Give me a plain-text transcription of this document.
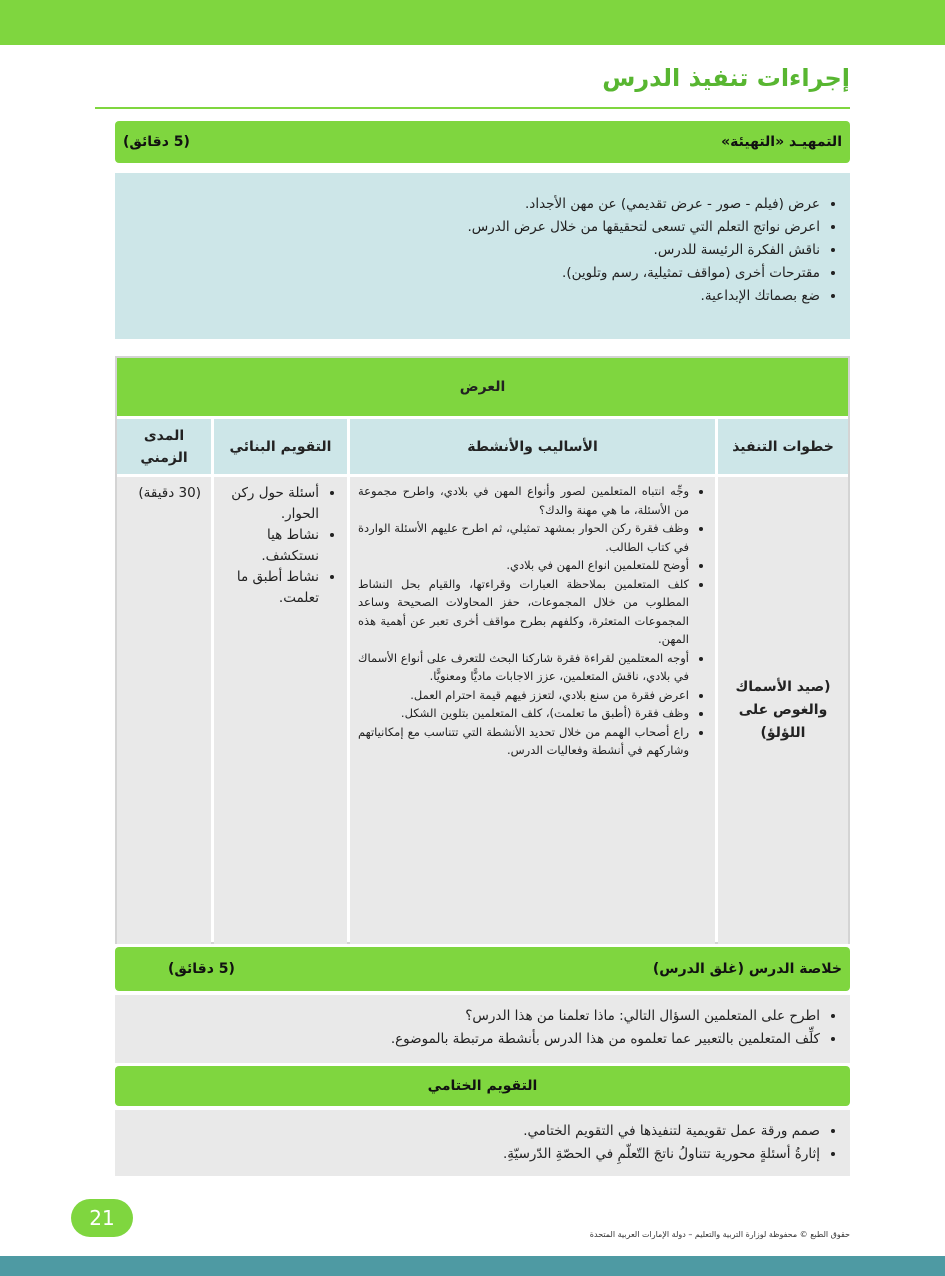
إجراءات تنفيذ الدرس
التمهيـد «التهيئة»
(5 دقائق)
• عرض (فيلم - صور - عرض تقديمي) عن مهن الأجداد.
• اعرض نواتج التعلم التي تسعى لتحقيقها من خلال عرض الدرس.
• ناقش الفكرة الرئيسة للدرس.
• مقترحات أخرى (مواقف تمثيلية، رسم وتلوين).
• ضع بصماتك الإبداعية.
العرض
خطوات التنفيذ
الأساليب والأنشطة
التقويم البنائي
المدى الزمني
(صيد الأسماك والغوص على اللؤلؤ)
• وجِّه انتباه المتعلمين لصور وأنواع المهن في بلادي، واطرح مجموعة من الأسئلة، ما هي مهنة والدك؟
• وظف فقرة ركن الحوار بمشهد تمثيلي، ثم اطرح عليهم الأسئلة الواردة في كتاب الطالب.
• أوضح للمتعلمين انواع المهن في بلادي.
• كلف المتعلمين بملاحظة العبارات وقراءتها، والقيام بحل النشاط المطلوب من خلال المجموعات، حفز المحاولات الصحيحة وساعد المجموعات المتعثرة، وكلفهم بطرح مواقف أخرى تعبر عن أهمية هذه المهن.
• أوجه المعتلمين لقراءة فقرة شاركنا البحث للتعرف على أنواع الأسماك في بلادي، ناقش المتعلمين، عزز الاجابات ماديًّا ومعنويًّا.
• اعرض فقرة من سنع بلادي، لتعزز فيهم قيمة احترام العمل.
• وظف فقرة (أطبق ما تعلمت)، كلف المتعلمين بتلوين الشكل.
• راع أصحاب الهمم من خلال تحديد الأنشطة التي تتناسب مع إمكانياتهم وشاركهم في أنشطة وفعاليات الدرس.
• أسئلة حول ركن الحوار.
• نشاط هيا نستكشف.
• نشاط أطبق ما تعلمت.
(30 دقيقة)
خلاصة الدرس (غلق الدرس)
(5 دقائق)
• اطرح على المتعلمين السؤال التالي: ماذا تعلمنا من هذا الدرس؟
• كلِّف المتعلمين بالتعبير عما تعلموه من هذا الدرس بأنشطة مرتبطة بالموضوع.
التقويم الختامي
• صمم ورقة عمل تقويمية لتنفيذها في التقويم الختامي.
• إثارةُ أسئلةٍ محورية تتناولُ ناتجَ التّعلّمِ في الحصّةِ الدّرسيّةِ.
21
حقوق الطبع © محفوظة لوزارة التربية والتعليم – دولة الإمارات العربية المتحدة
